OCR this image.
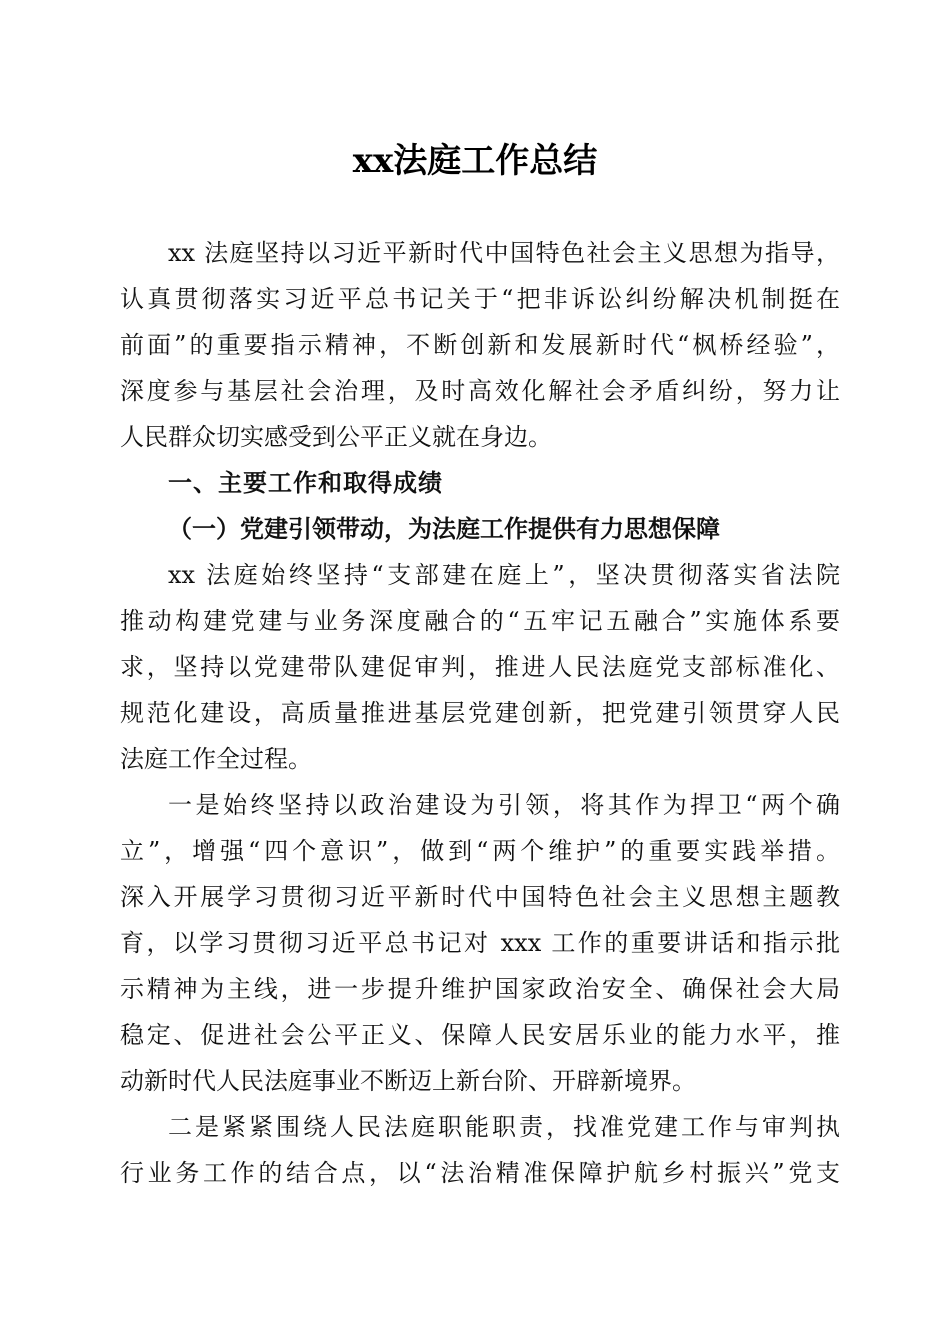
xx法庭工作总结

xx 法庭坚持以习近平新时代中国特色社会主义思想为指导，

认真贯彻落实习近平总书记关于“把非诉讼纠纷解决机制挺在

前面”的重要指示精神，不断创新和发展新时代“枫桥经验”，

深度参与基层社会治理，及时高效化解社会矛盾纠纷，努力让

人民群众切实感受到公平正义就在身边。

一、主要工作和取得成绩

（一）党建引领带动，为法庭工作提供有力思想保障

xx 法庭始终坚持“支部建在庭上”，坚决贯彻落实省法院

推动构建党建与业务深度融合的“五牢记五融合”实施体系要

求，坚持以党建带队建促审判，推进人民法庭党支部标准化、

规范化建设，高质量推进基层党建创新，把党建引领贯穿人民

法庭工作全过程。

一是始终坚持以政治建设为引领，将其作为捍卫“两个确

立”，增强“四个意识”，做到“两个维护”的重要实践举措。

深入开展学习贯彻习近平新时代中国特色社会主义思想主题教

育，以学习贯彻习近平总书记对 xxx 工作的重要讲话和指示批

示精神为主线，进一步提升维护国家政治安全、确保社会大局

稳定、促进社会公平正义、保障人民安居乐业的能力水平，推

动新时代人民法庭事业不断迈上新台阶、开辟新境界。

二是紧紧围绕人民法庭职能职责，找准党建工作与审判执

行业务工作的结合点，以“法治精准保障护航乡村振兴”党支
